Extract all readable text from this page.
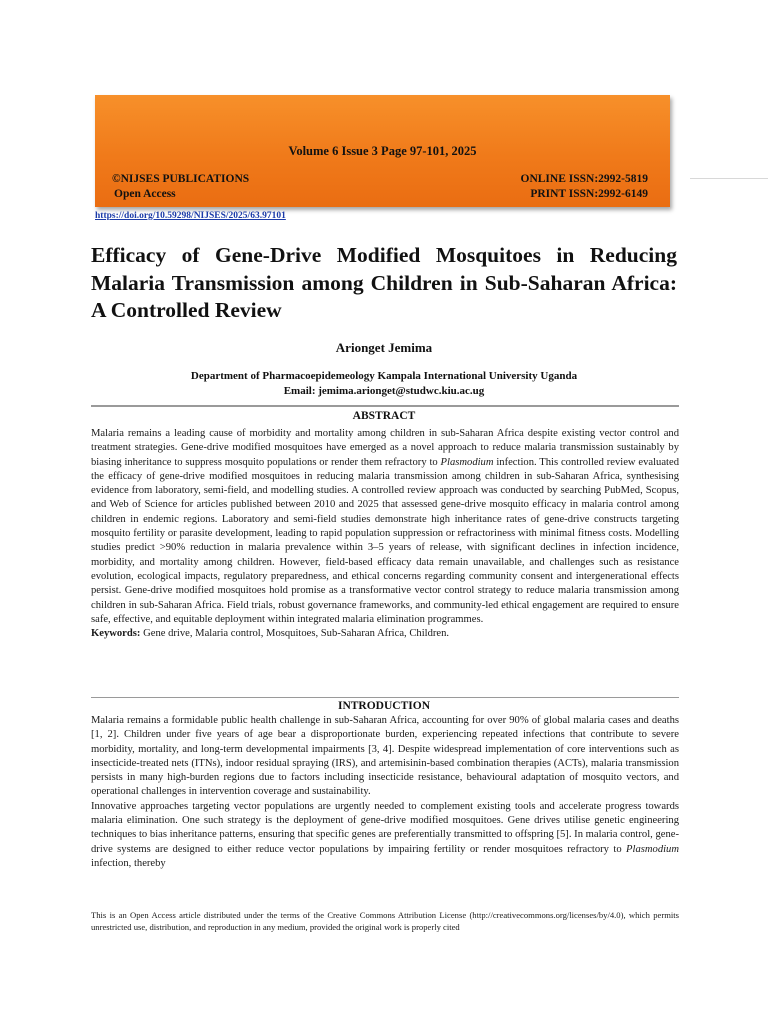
Volume 6 Issue 3 Page 97-101, 2025
©NIJSES PUBLICATIONS
Open Access
ONLINE ISSN:2992-5819
PRINT ISSN:2992-6149
https://doi.org/10.59298/NIJSES/2025/63.97101
Efficacy of Gene-Drive Modified Mosquitoes in Reducing Malaria Transmission among Children in Sub-Saharan Africa: A Controlled Review
Arionget Jemima
Department of Pharmacoepidemeology Kampala International University Uganda
Email: jemima.arionget@studwc.kiu.ac.ug
ABSTRACT

Malaria remains a leading cause of morbidity and mortality among children in sub-Saharan Africa despite existing vector control and treatment strategies. Gene-drive modified mosquitoes have emerged as a novel approach to reduce malaria transmission sustainably by biasing inheritance to suppress mosquito populations or render them refractory to Plasmodium infection. This controlled review evaluated the efficacy of gene-drive modified mosquitoes in reducing malaria transmission among children in sub-Saharan Africa, synthesising evidence from laboratory, semi-field, and modelling studies. A controlled review approach was conducted by searching PubMed, Scopus, and Web of Science for articles published between 2010 and 2025 that assessed gene-drive mosquito efficacy in malaria control among children in endemic regions. Laboratory and semi-field studies demonstrate high inheritance rates of gene-drive constructs targeting mosquito fertility or parasite development, leading to rapid population suppression or refractoriness with minimal fitness costs. Modelling studies predict >90% reduction in malaria prevalence within 3–5 years of release, with significant declines in infection incidence, morbidity, and mortality among children. However, field-based efficacy data remain unavailable, and challenges such as resistance evolution, ecological impacts, regulatory preparedness, and ethical concerns regarding community consent and intergenerational effects persist. Gene-drive modified mosquitoes hold promise as a transformative vector control strategy to reduce malaria transmission among children in sub-Saharan Africa. Field trials, robust governance frameworks, and community-led ethical engagement are required to ensure safe, effective, and equitable deployment within integrated malaria elimination programmes.

Keywords: Gene drive, Malaria control, Mosquitoes, Sub-Saharan Africa, Children.

INTRODUCTION

Malaria remains a formidable public health challenge in sub-Saharan Africa, accounting for over 90% of global malaria cases and deaths [1, 2]. Children under five years of age bear a disproportionate burden, experiencing repeated infections that contribute to severe morbidity, mortality, and long-term developmental impairments [3, 4]. Despite widespread implementation of core interventions such as insecticide-treated nets (ITNs), indoor residual spraying (IRS), and artemisinin-based combination therapies (ACTs), malaria transmission persists in many high-burden regions due to factors including insecticide resistance, behavioural adaptation of mosquito vectors, and operational challenges in intervention coverage and sustainability.

Innovative approaches targeting vector populations are urgently needed to complement existing tools and accelerate progress towards malaria elimination. One such strategy is the deployment of gene-drive modified mosquitoes. Gene drives utilise genetic engineering techniques to bias inheritance patterns, ensuring that specific genes are preferentially transmitted to offspring [5]. In malaria control, gene-drive systems are designed to either reduce vector populations by impairing fertility or render mosquitoes refractory to Plasmodium infection, thereby

This is an Open Access article distributed under the terms of the Creative Commons Attribution License (http://creativecommons.org/licenses/by/4.0), which permits unrestricted use, distribution, and reproduction in any medium, provided the original work is properly cited
